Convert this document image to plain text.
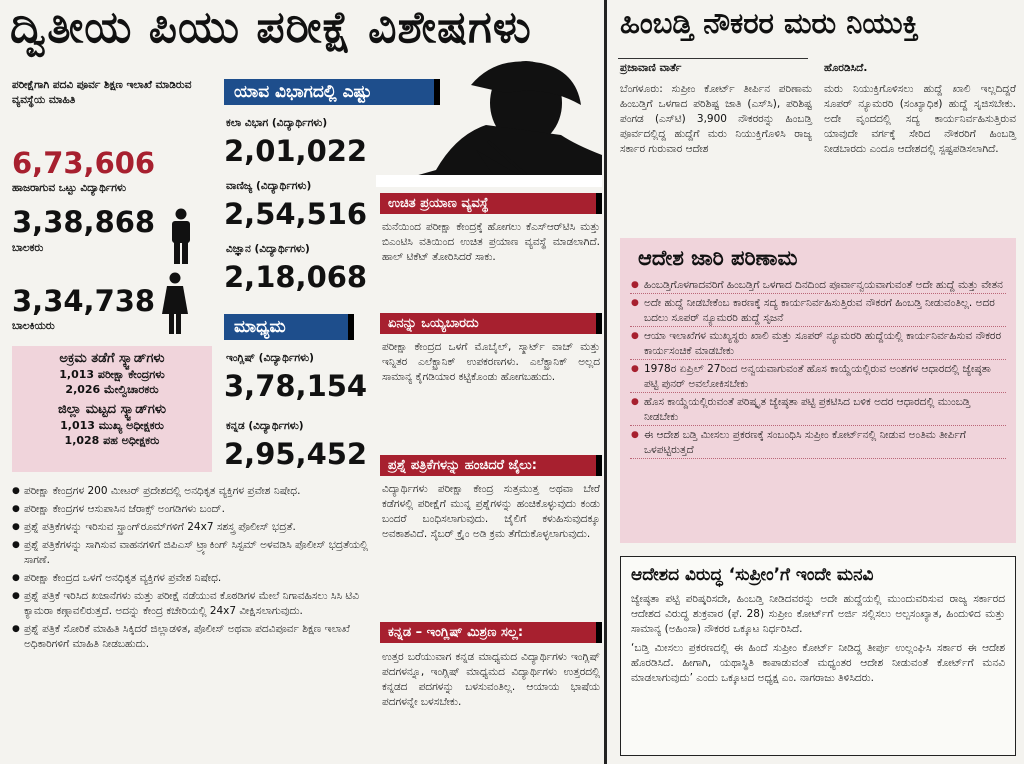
ದ್ವಿತೀಯ ಪಿಯು ಪರೀಕ್ಷೆ ವಿಶೇಷಗಳು	ಹಿಂಬಡ್ತಿ ನೌಕರರ ಮರು ನಿಯುಕ್ತಿ
ಪರೀಕ್ಷೆಗಾಗಿ ಪದವಿ ಪೂರ್ವ ಶಿಕ್ಷಣ ಇಲಾಖೆ ಮಾಡಿರುವ ವ್ಯವಸ್ಥೆಯ ಮಾಹಿತಿ
6,73,606
ಹಾಜರಾಗುವ ಒಟ್ಟು ವಿದ್ಯಾರ್ಥಿಗಳು
3,38,868
ಬಾಲಕರು
3,34,738
ಬಾಲಕಿಯರು
ಅಕ್ರಮ ತಡೆಗೆ ಸ್ಕ್ವಾಡ್‌ಗಳು
1,013 ಪರೀಕ್ಷಾ ಕೇಂದ್ರಗಳು
2,026 ಮೇಲ್ವಿಚಾರಕರು
ಜಿಲ್ಲಾ ಮಟ್ಟದ ಸ್ಕ್ವಾಡ್‌ಗಳು
1,013 ಮುಖ್ಯ ಅಧೀಕ್ಷಕರು
1,028 ಪಹ ಅಧೀಕ್ಷಕರು
ಯಾವ ವಿಭಾಗದಲ್ಲಿ ಎಷ್ಟು
ಕಲಾ ವಿಭಾಗ (ವಿದ್ಯಾರ್ಥಿಗಳು)
2,01,022
ವಾಣಿಜ್ಯ (ವಿದ್ಯಾರ್ಥಿಗಳು)
2,54,516
ವಿಜ್ಞಾನ (ವಿದ್ಯಾರ್ಥಿಗಳು)
2,18,068
ಮಾಧ್ಯಮ
ಇಂಗ್ಲಿಷ್ (ವಿದ್ಯಾರ್ಥಿಗಳು)
3,78,154
ಕನ್ನಡ (ವಿದ್ಯಾರ್ಥಿಗಳು)
2,95,452
ಉಚಿತ ಪ್ರಯಾಣ ವ್ಯವಸ್ಥೆ
ಮನೆಯಿಂದ ಪರೀಕ್ಷಾ ಕೇಂದ್ರಕ್ಕೆ ಹೋಗಲು ಕೆಎಸ್‌ಆರ್‌ಟಿಸಿ ಮತ್ತು ಬಿಎಂಟಿಸಿ ವತಿಯಿಂದ ಉಚಿತ ಪ್ರಯಾಣ ವ್ಯವಸ್ಥೆ ಮಾಡಲಾಗಿದೆ. ಹಾಲ್ ಟಿಕೆಟ್ ತೋರಿಸಿದರೆ ಸಾಕು.
ಏನನ್ನು ಒಯ್ಯಬಾರದು
ಪರೀಕ್ಷಾ ಕೇಂದ್ರದ ಒಳಗೆ ಮೊಬೈಲ್, ಸ್ಮಾರ್ಟ್ ವಾಚ್ ಮತ್ತು ಇನ್ನಿತರ ಎಲೆಕ್ಟ್ರಾನಿಕ್ ಉಪಕರಣಗಳು. ಎಲೆಕ್ಟ್ರಾನಿಕ್ ಅಲ್ಲದ ಸಾಮಾನ್ಯ ಕೈಗಡಿಯಾರ ಕಟ್ಟಿಕೊಂಡು ಹೋಗಬಹುದು.
ಪ್ರಶ್ನೆ ಪತ್ರಿಕೆಗಳನ್ನು ಹಂಚಿದರೆ ಜೈಲು:
ವಿದ್ಯಾರ್ಥಿಗಳು ಪರೀಕ್ಷಾ ಕೇಂದ್ರ ಸುತ್ತಮುತ್ತ ಅಥವಾ ಬೇರೆ ಕಡೆಗಳಲ್ಲಿ ಪರೀಕ್ಷೆಗೆ ಮುನ್ನ ಪ್ರಶ್ನೆಗಳನ್ನು ಹಂಚಿಕೊಳ್ಳುವುದು ಕಂಡು ಬಂದರೆ ಬಂಧಿಸಲಾಗುವುದು. ಜೈಲಿಗೆ ಕಳುಹಿಸುವುದಕ್ಕೂ ಅವಕಾಶವಿದೆ. ಸೈಬರ್ ಕ್ರೈಂ ಅಡಿ ಕ್ರಮ ತೆಗೆದುಕೊಳ್ಳಲಾಗುವುದು.
ಕನ್ನಡ – ಇಂಗ್ಲಿಷ್ ಮಿಶ್ರಣ ಸಲ್ಲ:
ಉತ್ತರ ಬರೆಯುವಾಗ ಕನ್ನಡ ಮಾಧ್ಯಮದ ವಿದ್ಯಾರ್ಥಿಗಳು ಇಂಗ್ಲಿಷ್ ಪದಗಳನ್ನೂ, ಇಂಗ್ಲಿಷ್ ಮಾಧ್ಯಮದ ವಿದ್ಯಾರ್ಥಿಗಳು ಉತ್ತರದಲ್ಲಿ ಕನ್ನಡದ ಪದಗಳನ್ನು ಬಳಸುವಂತಿಲ್ಲ. ಆಯಾಯ ಭಾಷೆಯ ಪದಗಳನ್ನೇ ಬಳಸಬೇಕು.
● ಪರೀಕ್ಷಾ ಕೇಂದ್ರಗಳ 200 ಮೀಟರ್ ಪ್ರದೇಶದಲ್ಲಿ ಅನಧಿಕೃತ ವ್ಯಕ್ತಿಗಳ ಪ್ರವೇಶ ನಿಷೇಧ.
● ಪರೀಕ್ಷಾ ಕೇಂದ್ರಗಳ ಆಸುಪಾಸಿನ ಜೆರಾಕ್ಸ್ ಅಂಗಡಿಗಳು ಬಂದ್.
● ಪ್ರಶ್ನೆ ಪತ್ರಿಕೆಗಳನ್ನು ಇರಿಸುವ ಸ್ಟ್ರಾಂಗ್‌ರೂಮ್‌ಗಳಿಗೆ 24x7 ಸಶಸ್ತ್ರ ಪೊಲೀಸ್ ಭದ್ರತೆ.
● ಪ್ರಶ್ನೆ ಪತ್ರಿಕೆಗಳನ್ನು ಸಾಗಿಸುವ ವಾಹನಗಳಿಗೆ ಜಿಪಿಎಸ್ ಟ್ರ್ಯಾಕಿಂಗ್ ಸಿಸ್ಟಮ್ ಅಳವಡಿಸಿ ಪೊಲೀಸ್ ಭದ್ರತೆಯಲ್ಲಿ ಸಾಗಣೆ.
● ಪರೀಕ್ಷಾ ಕೇಂದ್ರದ ಒಳಗೆ ಅನಧಿಕೃತ ವ್ಯಕ್ತಿಗಳ ಪ್ರವೇಶ ನಿಷೇಧ.
● ಪ್ರಶ್ನೆ ಪತ್ರಿಕೆ ಇರಿಸಿದ ಖಜಾನೆಗಳು ಮತ್ತು ಪರೀಕ್ಷೆ ನಡೆಯುವ ಕೊಠಡಿಗಳ ಮೇಲೆ ನಿಗಾವಹಿಸಲು ಸಿಸಿ ಟಿವಿ ಕ್ಯಾಮರಾ ಕಣ್ಗಾವಲಿರುತ್ತದೆ. ಅದನ್ನು ಕೇಂದ್ರ ಕಚೇರಿಯಲ್ಲಿ 24x7 ವೀಕ್ಷಿಸಲಾಗುವುದು.
● ಪ್ರಶ್ನೆ ಪತ್ರಿಕೆ ಸೋರಿಕೆ ಮಾಹಿತಿ ಸಿಕ್ಕಿದರೆ ಜಿಲ್ಲಾಡಳಿತ, ಪೊಲೀಸ್ ಅಥವಾ ಪದವಿಪೂರ್ವ ಶಿಕ್ಷಣ ಇಲಾಖೆ ಅಧಿಕಾರಿಗಳಿಗೆ ಮಾಹಿತಿ ನೀಡಬಹುದು.
ಪ್ರಜಾವಾಣಿ ವಾರ್ತೆ
ಬೆಂಗಳೂರು: ಸುಪ್ರೀಂ ಕೋರ್ಟ್ ತೀರ್ಪಿನ ಪರಿಣಾಮ ಹಿಂಬಡ್ತಿಗೆ ಒಳಗಾದ ಪರಿಶಿಷ್ಟ ಜಾತಿ (ಎಸ್‌ಸಿ), ಪರಿಶಿಷ್ಟ ಪಂಗಡ (ಎಸ್‌ಟಿ) 3,900 ನೌಕರರನ್ನು ಹಿಂಬಡ್ತಿ ಪೂರ್ವದಲ್ಲಿದ್ದ ಹುದ್ದೆಗೆ ಮರು ನಿಯುಕ್ತಿಗೊಳಿಸಿ ರಾಜ್ಯ ಸರ್ಕಾರ ಗುರುವಾರ ಆದೇಶ
ಹೊರಡಿಸಿದೆ.
ಮರು ನಿಯುಕ್ತಿಗೊಳಿಸಲು ಹುದ್ದೆ ಖಾಲಿ ಇಲ್ಲದಿದ್ದರೆ ಸೂಪರ್ ನ್ಯೂಮರರಿ (ಸಂಖ್ಯಾಧಿಕ) ಹುದ್ದೆ ಸೃಜಿಸಬೇಕು. ಅದೇ ವೃಂದದಲ್ಲಿ ಸದ್ಯ ಕಾರ್ಯನಿರ್ವಹಿಸುತ್ತಿರುವ ಯಾವುದೇ ವರ್ಗಕ್ಕೆ ಸೇರಿದ ನೌಕರರಿಗೆ ಹಿಂಬಡ್ತಿ ನೀಡಬಾರದು ಎಂದೂ ಆದೇಶದಲ್ಲಿ ಸ್ಪಷ್ಟಪಡಿಸಲಾಗಿದೆ.
ಆದೇಶ ಜಾರಿ ಪರಿಣಾಮ
● ಹಿಂಬಡ್ತಿಗೊಳಗಾದವರಿಗೆ ಹಿಂಬಡ್ತಿಗೆ ಒಳಗಾದ ದಿನದಿಂದ ಪೂರ್ವಾನ್ವಯವಾಗುವಂತೆ ಅದೇ ಹುದ್ದೆ ಮತ್ತು ವೇತನ
● ಅದೇ ಹುದ್ದೆ ನೀಡಬೇಕೆಂಬ ಕಾರಣಕ್ಕೆ ಸದ್ಯ ಕಾರ್ಯನಿರ್ವಹಿಸುತ್ತಿರುವ ನೌಕರಗೆ ಹಿಂಬಡ್ತಿ ನೀಡುವಂತಿಲ್ಲ. ಅದರ ಬದಲು ಸೂಪರ್ ನ್ಯೂಮರರಿ ಹುದ್ದೆ ಸೃಜನೆ
● ಆಯಾ ಇಲಾಖೆಗಳ ಮುಖ್ಯಸ್ಥರು ಖಾಲಿ ಮತ್ತು ಸೂಪರ್ ನ್ಯೂಮರರಿ ಹುದ್ದೆಯಲ್ಲಿ ಕಾರ್ಯನಿರ್ವಹಿಸುವ ನೌಕರರ ಕಾರ್ಯಸಂಚಿಕೆ ಮಾಡಬೇಕು
● 1978ರ ಏಪ್ರಿಲ್ 27ರಿಂದ ಅನ್ವಯವಾಗುವಂತೆ ಹೊಸ ಕಾಯ್ದೆಯಲ್ಲಿರುವ ಅಂಶಗಳ ಆಧಾರದಲ್ಲಿ ಜ್ಯೇಷ್ಠತಾ ಪಟ್ಟಿ ಪುನರ್ ಅವಲೋಕಿಸಬೇಕು
● ಹೊಸ ಕಾಯ್ದೆಯಲ್ಲಿರುವಂತೆ ಪರಿಷ್ಕೃತ ಜ್ಯೇಷ್ಠತಾ ಪಟ್ಟಿ ಪ್ರಕಟಿಸಿದ ಬಳಿಕ ಅದರ ಆಧಾರದಲ್ಲಿ ಮುಂಬಡ್ತಿ ನೀಡಬೇಕು
● ಈ ಆದೇಶ ಬಡ್ತಿ ಮೀಸಲು ಪ್ರಕರಣಕ್ಕೆ ಸಂಬಂಧಿಸಿ ಸುಪ್ರೀಂ ಕೋರ್ಟ್‌ನಲ್ಲಿ ನೀಡುವ ಅಂತಿಮ ತೀರ್ಪಿಗೆ ಒಳಪಟ್ಟಿರುತ್ತದೆ
ಆದೇಶದ ವಿರುದ್ಧ ‘ಸುಪ್ರೀಂ’ಗೆ ಇಂದೇ ಮನವಿ
ಜ್ಯೇಷ್ಠತಾ ಪಟ್ಟಿ ಪರಿಷ್ಕರಿಸದೇ, ಹಿಂಬಡ್ತಿ ನೀಡಿದವರನ್ನು ಅದೇ ಹುದ್ದೆಯಲ್ಲಿ ಮುಂದುವರಿಸುವ ರಾಜ್ಯ ಸರ್ಕಾರದ ಆದೇಶದ ವಿರುದ್ಧ ಶುಕ್ರವಾರ (ಫೆ. 28) ಸುಪ್ರೀಂ ಕೋರ್ಟ್‌ಗೆ ಅರ್ಜಿ ಸಲ್ಲಿಸಲು ಅಲ್ಪಸಂಖ್ಯಾತ, ಹಿಂದುಳಿದ ಮತ್ತು ಸಾಮಾನ್ಯ (ಅಹಿಂಸಾ) ನೌಕರರ ಒಕ್ಕೂಟ ನಿರ್ಧರಿಸಿದೆ.
‘ಬಡ್ತಿ ಮೀಸಲು ಪ್ರಕರಣದಲ್ಲಿ ಈ ಹಿಂದೆ ಸುಪ್ರೀಂ ಕೋರ್ಟ್ ನೀಡಿದ್ದ ತೀರ್ಪು ಉಲ್ಲಂಘಿಸಿ ಸರ್ಕಾರ ಈ ಆದೇಶ ಹೊರಡಿಸಿದೆ. ಹೀಗಾಗಿ, ಯಥಾಸ್ಥಿತಿ ಕಾಪಾಡುವಂತೆ ಮಧ್ಯಂತರ ಆದೇಶ ನೀಡುವಂತೆ ಕೋರ್ಟ್‌ಗೆ ಮನವಿ ಮಾಡಲಾಗುವುದು’ ಎಂದು ಒಕ್ಕೂಟದ ಅಧ್ಯಕ್ಷ ಎಂ. ನಾಗರಾಜು ತಿಳಿಸಿದರು.
